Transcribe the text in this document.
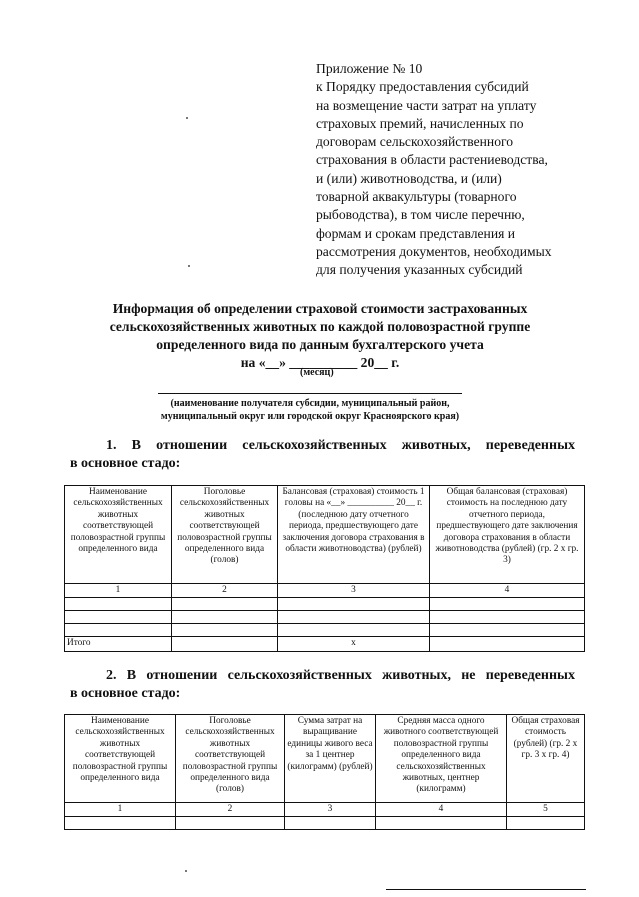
Приложение № 10
к Порядку предоставления субсидий
на возмещение части затрат на уплату
страховых премий, начисленных по
договорам сельскохозяйственного
страхования в области растениеводства,
и (или) животноводства, и (или)
товарной аквакультуры (товарного
рыбоводства), в том числе перечню,
формам и срокам представления и
рассмотрения документов, необходимых
для получения указанных субсидий
Информация об определении страховой стоимости застрахованных
сельскохозяйственных животных по каждой половозрастной группе
определенного вида по данным бухгалтерского учета
на «__» __________ 20__ г.
(месяц)
(наименование получателя субсидии, муниципальный район,
муниципальный округ или городской округ Красноярского края)
1. В отношении сельскохозяйственных животных, переведенных
в основное стадо:
Наименование сельскохозяйственных животных соответствующей половозрастной группы определенного вида	Поголовье сельскохозяйственных животных соответствующей половозрастной группы определенного вида (голов)	Балансовая (страховая) стоимость 1 головы на «__» __________ 20__ г. (последнюю дату отчетного периода, предшествующего дате заключения договора страхования в области животноводства) (рублей)	Общая балансовая (страховая) стоимость на последнюю дату отчетного периода, предшествующего дате заключения договора страхования в области животноводства (рублей) (гр. 2 х гр. 3)
1	2	3	4

Итого		х	
2. В отношении сельскохозяйственных животных, не переведенных
в основное стадо:
Наименование сельскохозяйственных животных соответствующей половозрастной группы определенного вида	Поголовье сельскохозяйственных животных соответствующей половозрастной группы определенного вида (голов)	Сумма затрат на выращивание единицы живого веса за 1 центнер (килограмм) (рублей)	Средняя масса одного животного соответствующей половозрастной группы определенного вида сельскохозяйственных животных, центнер (килограмм)	Общая страховая стоимость (рублей) (гр. 2 х гр. 3 х гр. 4)
1	2	3	4	5
